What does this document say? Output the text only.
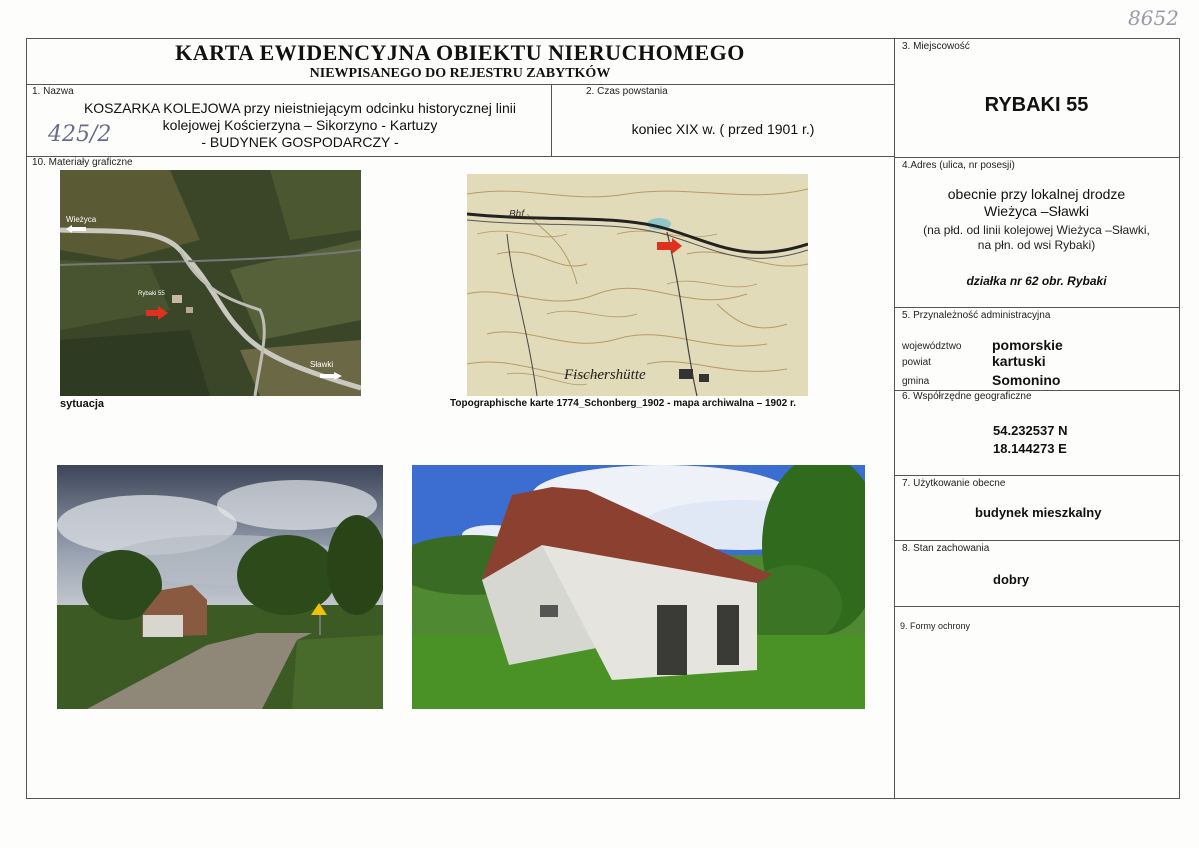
8652
KARTA EWIDENCYJNA OBIEKTU NIERUCHOMEGO
NIEWPISANEGO DO REJESTRU ZABYTKÓW
1. Nazwa
KOSZARKA KOLEJOWA przy nieistniejącym odcinku historycznej linii
kolejowej Kościerzyna – Sikorzyno - Kartuzy
- BUDYNEK GOSPODARCZY -
425/2
2. Czas powstania
koniec XIX w. ( przed 1901 r.)
3. Miejscowość
RYBAKI 55
4.Adres (ulica, nr posesji)
obecnie przy lokalnej drodze
Wieżyca –Sławki
(na płd. od linii kolejowej Wieżyca –Sławki,
na płn. od wsi Rybaki)
działka nr 62 obr. Rybaki
5. Przynależność administracyjna
województwo pomorskie
powiat	kartuski
gmina	Somonino
6. Współrzędne geograficzne
54.232537 N
18.144273 E
7. Użytkowanie obecne
budynek mieszkalny
8. Stan zachowania
dobry
9. Formy ochrony
10. Materiały graficzne
Wieżyca
Rybaki 55
Sławki
sytuacja
Fischershütte
Bhf.
Topographische karte 1774_Schonberg_1902 - mapa archiwalna – 1902 r.
